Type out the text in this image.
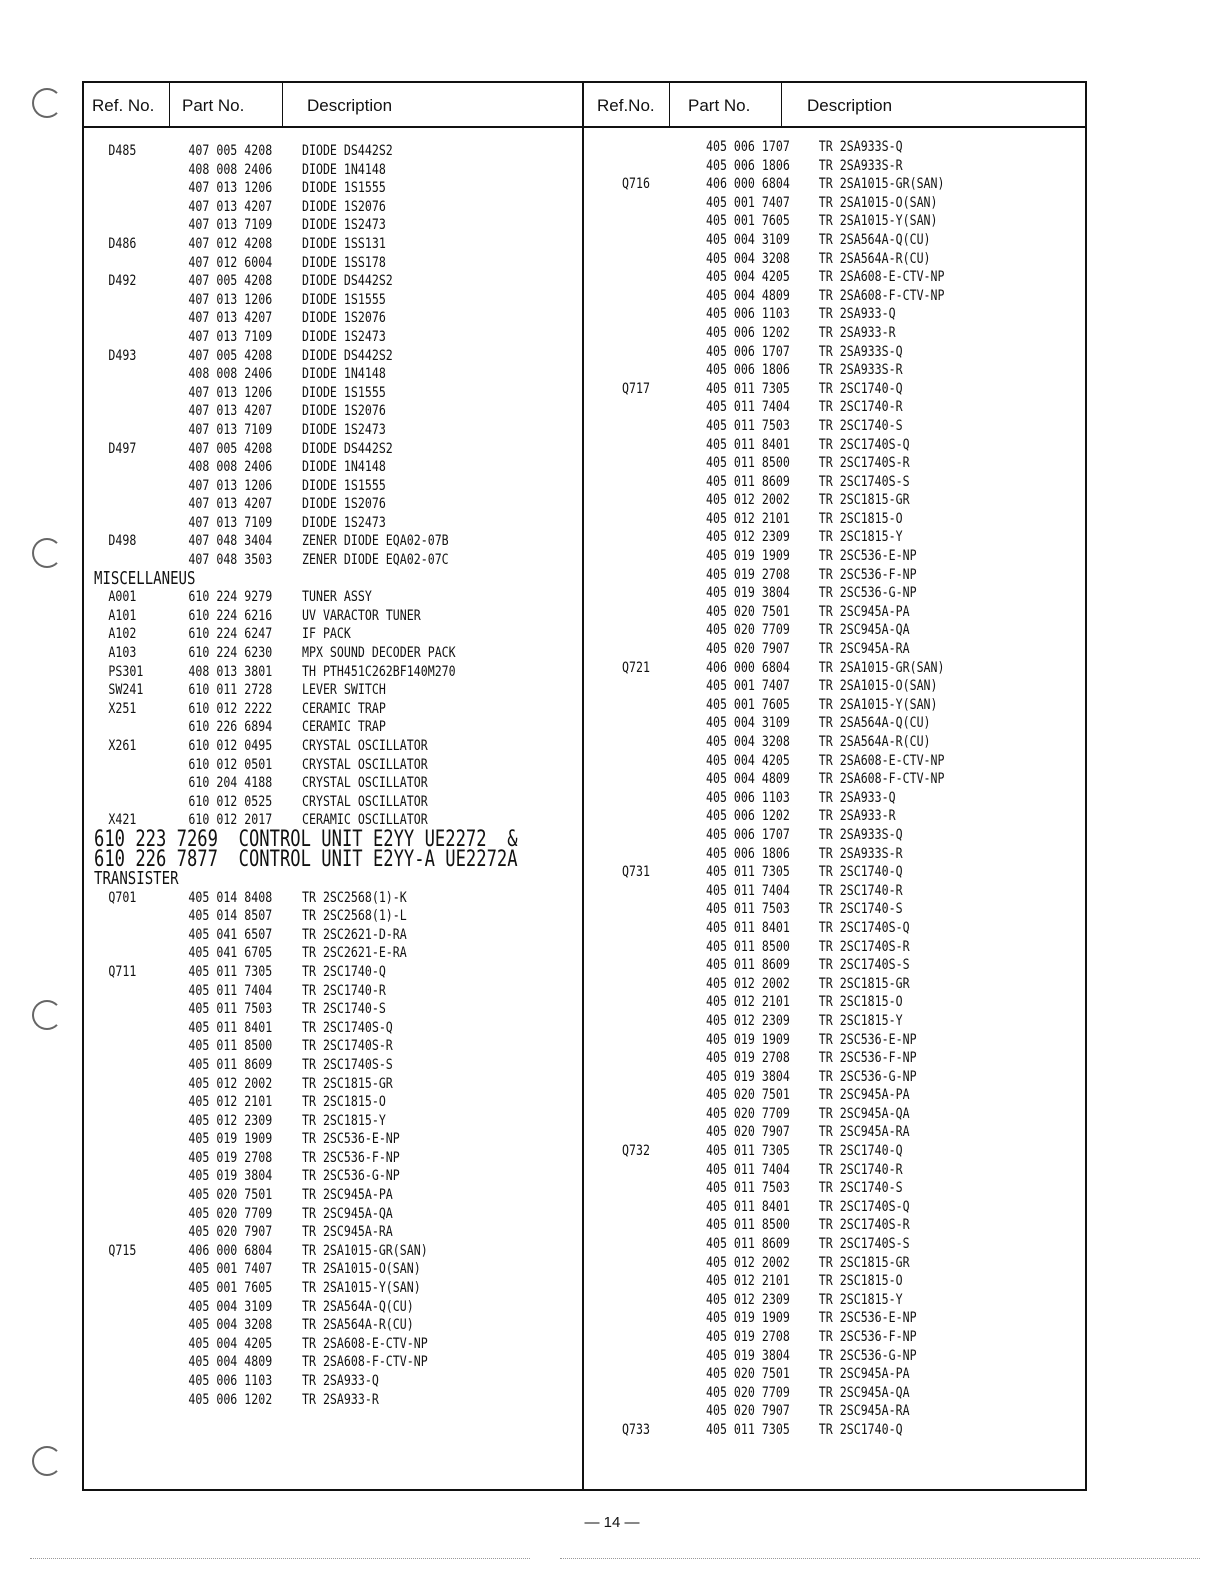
Ref. No. Part No.	Description	Ref.No. Part No.	Description
D485	407 005 4208 DIODE DS442S2
408 008 2406 DIODE 1N4148
407 013 1206 DIODE 1S1555
407 013 4207 DIODE 1S2076
407 013 7109 DIODE 1S2473
D486	407 012 4208 DIODE 1SS131
407 012 6004 DIODE 1SS178
D492	407 005 4208 DIODE DS442S2
407 013 1206 DIODE 1S1555
407 013 4207 DIODE 1S2076
407 013 7109 DIODE 1S2473
D493	407 005 4208 DIODE DS442S2
408 008 2406 DIODE 1N4148
407 013 1206 DIODE 1S1555
407 013 4207 DIODE 1S2076
407 013 7109 DIODE 1S2473
D497	407 005 4208 DIODE DS442S2
408 008 2406 DIODE 1N4148
407 013 1206 DIODE 1S1555
407 013 4207 DIODE 1S2076
407 013 7109 DIODE 1S2473
D498	407 048 3404 ZENER DIODE EQA02-07B
407 048 3503 ZENER DIODE EQA02-07C
MISCELLANEUS
A001	610 224 9279 TUNER ASSY
A101	610 224 6216 UV VARACTOR TUNER
A102	610 224 6247 IF PACK
A103	610 224 6230 MPX SOUND DECODER PACK
PS301	408 013 3801 TH PTH451C262BF140M270
SW241	610 011 2728 LEVER SWITCH
X251	610 012 2222 CERAMIC TRAP
610 226 6894 CERAMIC TRAP
X261	610 012 0495 CRYSTAL OSCILLATOR
610 012 0501 CRYSTAL OSCILLATOR
610 204 4188 CRYSTAL OSCILLATOR
610 012 0525 CRYSTAL OSCILLATOR
X421	610 012 2017 CERAMIC OSCILLATOR
610 223 7269  CONTROL UNIT E2YY UE2272  &
610 226 7877  CONTROL UNIT E2YY-A UE2272A
TRANSISTER
Q701	405 014 8408 TR 2SC2568(1)-K
405 014 8507 TR 2SC2568(1)-L
405 041 6507 TR 2SC2621-D-RA
405 041 6705 TR 2SC2621-E-RA
Q711	405 011 7305 TR 2SC1740-Q
405 011 7404 TR 2SC1740-R
405 011 7503 TR 2SC1740-S
405 011 8401 TR 2SC1740S-Q
405 011 8500 TR 2SC1740S-R
405 011 8609 TR 2SC1740S-S
405 012 2002 TR 2SC1815-GR
405 012 2101 TR 2SC1815-O
405 012 2309 TR 2SC1815-Y
405 019 1909 TR 2SC536-E-NP
405 019 2708 TR 2SC536-F-NP
405 019 3804 TR 2SC536-G-NP
405 020 7501 TR 2SC945A-PA
405 020 7709 TR 2SC945A-QA
405 020 7907 TR 2SC945A-RA
Q715	406 000 6804 TR 2SA1015-GR(SAN)
405 001 7407 TR 2SA1015-O(SAN)
405 001 7605 TR 2SA1015-Y(SAN)
405 004 3109 TR 2SA564A-Q(CU)
405 004 3208 TR 2SA564A-R(CU)
405 004 4205 TR 2SA608-E-CTV-NP
405 004 4809 TR 2SA608-F-CTV-NP
405 006 1103 TR 2SA933-Q
405 006 1202 TR 2SA933-R
405 006 1707 TR 2SA933S-Q
405 006 1806 TR 2SA933S-R
Q716	406 000 6804 TR 2SA1015-GR(SAN)
405 001 7407 TR 2SA1015-O(SAN)
405 001 7605 TR 2SA1015-Y(SAN)
405 004 3109 TR 2SA564A-Q(CU)
405 004 3208 TR 2SA564A-R(CU)
405 004 4205 TR 2SA608-E-CTV-NP
405 004 4809 TR 2SA608-F-CTV-NP
405 006 1103 TR 2SA933-Q
405 006 1202 TR 2SA933-R
405 006 1707 TR 2SA933S-Q
405 006 1806 TR 2SA933S-R
Q717	405 011 7305 TR 2SC1740-Q
405 011 7404 TR 2SC1740-R
405 011 7503 TR 2SC1740-S
405 011 8401 TR 2SC1740S-Q
405 011 8500 TR 2SC1740S-R
405 011 8609 TR 2SC1740S-S
405 012 2002 TR 2SC1815-GR
405 012 2101 TR 2SC1815-O
405 012 2309 TR 2SC1815-Y
405 019 1909 TR 2SC536-E-NP
405 019 2708 TR 2SC536-F-NP
405 019 3804 TR 2SC536-G-NP
405 020 7501 TR 2SC945A-PA
405 020 7709 TR 2SC945A-QA
405 020 7907 TR 2SC945A-RA
Q721	406 000 6804 TR 2SA1015-GR(SAN)
405 001 7407 TR 2SA1015-O(SAN)
405 001 7605 TR 2SA1015-Y(SAN)
405 004 3109 TR 2SA564A-Q(CU)
405 004 3208 TR 2SA564A-R(CU)
405 004 4205 TR 2SA608-E-CTV-NP
405 004 4809 TR 2SA608-F-CTV-NP
405 006 1103 TR 2SA933-Q
405 006 1202 TR 2SA933-R
405 006 1707 TR 2SA933S-Q
405 006 1806 TR 2SA933S-R
Q731	405 011 7305 TR 2SC1740-Q
405 011 7404 TR 2SC1740-R
405 011 7503 TR 2SC1740-S
405 011 8401 TR 2SC1740S-Q
405 011 8500 TR 2SC1740S-R
405 011 8609 TR 2SC1740S-S
405 012 2002 TR 2SC1815-GR
405 012 2101 TR 2SC1815-O
405 012 2309 TR 2SC1815-Y
405 019 1909 TR 2SC536-E-NP
405 019 2708 TR 2SC536-F-NP
405 019 3804 TR 2SC536-G-NP
405 020 7501 TR 2SC945A-PA
405 020 7709 TR 2SC945A-QA
405 020 7907 TR 2SC945A-RA
Q732	405 011 7305 TR 2SC1740-Q
405 011 7404 TR 2SC1740-R
405 011 7503 TR 2SC1740-S
405 011 8401 TR 2SC1740S-Q
405 011 8500 TR 2SC1740S-R
405 011 8609 TR 2SC1740S-S
405 012 2002 TR 2SC1815-GR
405 012 2101 TR 2SC1815-O
405 012 2309 TR 2SC1815-Y
405 019 1909 TR 2SC536-E-NP
405 019 2708 TR 2SC536-F-NP
405 019 3804 TR 2SC536-G-NP
405 020 7501 TR 2SC945A-PA
405 020 7709 TR 2SC945A-QA
405 020 7907 TR 2SC945A-RA
Q733	405 011 7305 TR 2SC1740-Q
— 14 —
